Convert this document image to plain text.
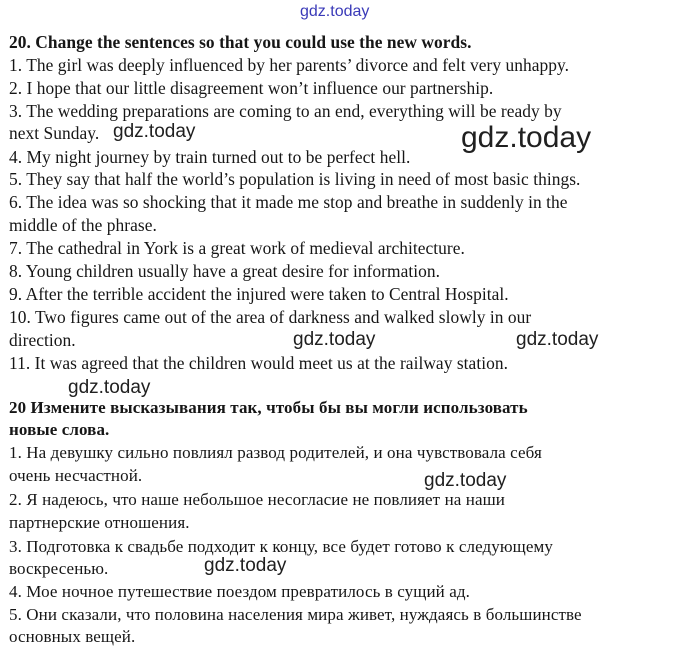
gdz.today
gdz.today	gdz.today
gdz.today	gdz.today
gdz.today
gdz.today
gdz.today
20. Change the sentences so that you could use the new words.
1. The girl was deeply influenced by her parents’ divorce and felt very unhappy.
2. I hope that our little disagreement won’t influence our partnership.
3. The wedding preparations are coming to an end, everything will be ready by
next Sunday.
4. My night journey by train turned out to be perfect hell.
5. They say that half the world’s population is living in need of most basic things.
6. The idea was so shocking that it made me stop and breathe in suddenly in the
middle of the phrase.
7. The cathedral in York is a great work of medieval architecture.
8. Young children usually have a great desire for information.
9. After the terrible accident the injured were taken to Central Hospital.
10. Two figures came out of the area of darkness and walked slowly in our
direction.
11. It was agreed that the children would meet us at the railway station.
20 Измените высказывания так, чтобы бы вы могли использовать
новые слова.
1. На девушку сильно повлиял развод родителей, и она чувствовала себя
очень несчастной.
2. Я надеюсь, что наше небольшое несогласие не повлияет на наши
партнерские отношения.
3. Подготовка к свадьбе подходит к концу, все будет готово к следующему
воскресенью.
4. Мое ночное путешествие поездом превратилось в сущий ад.
5. Они сказали, что половина населения мира живет, нуждаясь в большинстве
основных вещей.
